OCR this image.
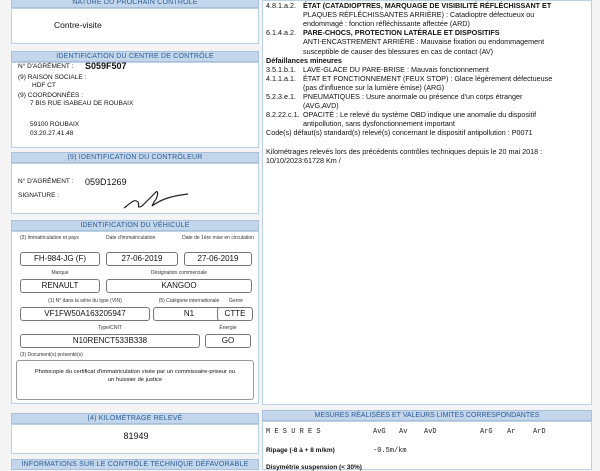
NATURE DU PROCHAIN CONTRÔLE
Contre-visite
IDENTIFICATION DU CENTRE DE CONTRÔLE
N° D'AGRÉMENT : S059F507
(9) RAISON SOCIALE :
HDF CT
(9) COORDONNÉES :
7 BIS RUE ISABEAU DE ROUBAIX
59100 ROUBAIX
03.20.27.41.48
(9) IDENTIFICATION DU CONTRÔLEUR
N° D'AGRÉMENT : 059D1269
SIGNATURE :
IDENTIFICATION DU VÉHICULE
(2) Immatriculation et pays	Date d'immatriculation	Date de 1ère mise en circulation
FH-984-JG (F)	27-06-2019	27-06-2019
Marque	Désignation commerciale
RENAULT	KANGOO
(1) N° dans la série du type (VIN)	(5) Catégorie internationale	Genre
VF1FW50A163205947	N1	CTTE
Type/CNIT	Énergie
N10RENCT533B338	GO
(3) Document(s) présenté(s)
Photocopie du certificat d'immatriculation visée par un commissaire-priseur ou
un huissier de justice
(4) KILOMÉTRAGE RELEVÉ
81949
INFORMATIONS SUR LE CONTRÔLE TECHNIQUE DÉFAVORABLE
4.8.1.a.2. ÉTAT (CATADIOPTRES, MARQUAGE DE VISIBILITÉ RÉFLÉCHISSANT ET
PLAQUES RÉFLÉCHISSANTES ARRIÈRE) : Catadioptre défectueux ou
endommagé : fonction réfléchissante affectée (ARD)
6.1.4.a.2. PARE-CHOCS, PROTECTION LATÉRALE ET DISPOSITIFS
ANTI-ENCASTREMENT ARRIÈRE : Mauvaise fixation ou endommagement
susceptible de causer des blessures en cas de contact (AV)
Défaillances mineures
3.5.1.b.1. LAVE-GLACE DU PARE-BRISE : Mauvais fonctionnement
4.1.1.a.1. ÉTAT ET FONCTIONNEMENT (FEUX STOP) : Glace légèrement défectueuse
(pas d'influence sur la lumière émise) (ARG)
5.2.3.e.1. PNEUMATIQUES : Usure anormale ou présence d'un corps étranger
(AVG,AVD)
8.2.22.c.1. OPACITÉ : Le relevé du système OBD indique une anomalie du dispositif
antipollution, sans dysfonctionnement important
Code(s) défaut(s) standard(s) relevé(s) concernant le dispositif antipollution : P0071
Kilométrages relevés lors des précédents contrôles techniques depuis le 20 mai 2018 :
10/10/2023:61728 Km /
MESURES RÉALISÉES ET VALEURS LIMITES CORRESPONDANTES
M E S U R E S	AvG Av AvD	ArG Ar	ArD
Ripage (-8 à + 8 m/km)	-0.5m/km
Disymétrie suspension (< 30%)
